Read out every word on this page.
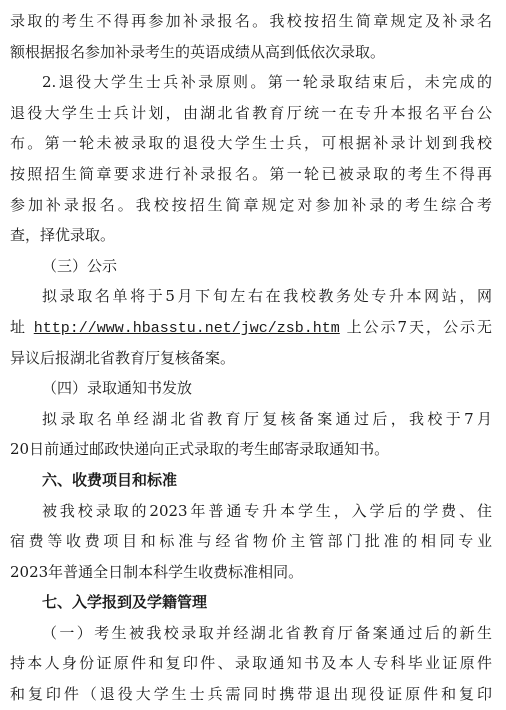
录取的考生不得再参加补录报名。我校按招生简章规定及补录名
额根据报名参加补录考生的英语成绩从高到低依次录取。
2.退役大学生士兵补录原则。第一轮录取结束后，未完成的
退役大学生士兵计划，由湖北省教育厅统一在专升本报名平台公
布。第一轮未被录取的退役大学生士兵，可根据补录计划到我校
按照招生简章要求进行补录报名。第一轮已被录取的考生不得再
参加补录报名。我校按招生简章规定对参加补录的考生综合考
查，择优录取。
（三）公示
拟录取名单将于5月下旬左右在我校教务处专升本网站，网
址 http://www.hbasstu.net/jwc/zsb.htm 上公示7天，公示无
异议后报湖北省教育厅复核备案。
（四）录取通知书发放
拟录取名单经湖北省教育厅复核备案通过后，我校于7月
20日前通过邮政快递向正式录取的考生邮寄录取通知书。
六、收费项目和标准
被我校录取的2023年普通专升本学生，入学后的学费、住
宿费等收费项目和标准与经省物价主管部门批准的相同专业
2023年普通全日制本科学生收费标准相同。
七、入学报到及学籍管理
（一）考生被我校录取并经湖北省教育厅备案通过后的新生
持本人身份证原件和复印件、录取通知书及本人专科毕业证原件
和复印件（退役大学生士兵需同时携带退出现役证原件和复印
